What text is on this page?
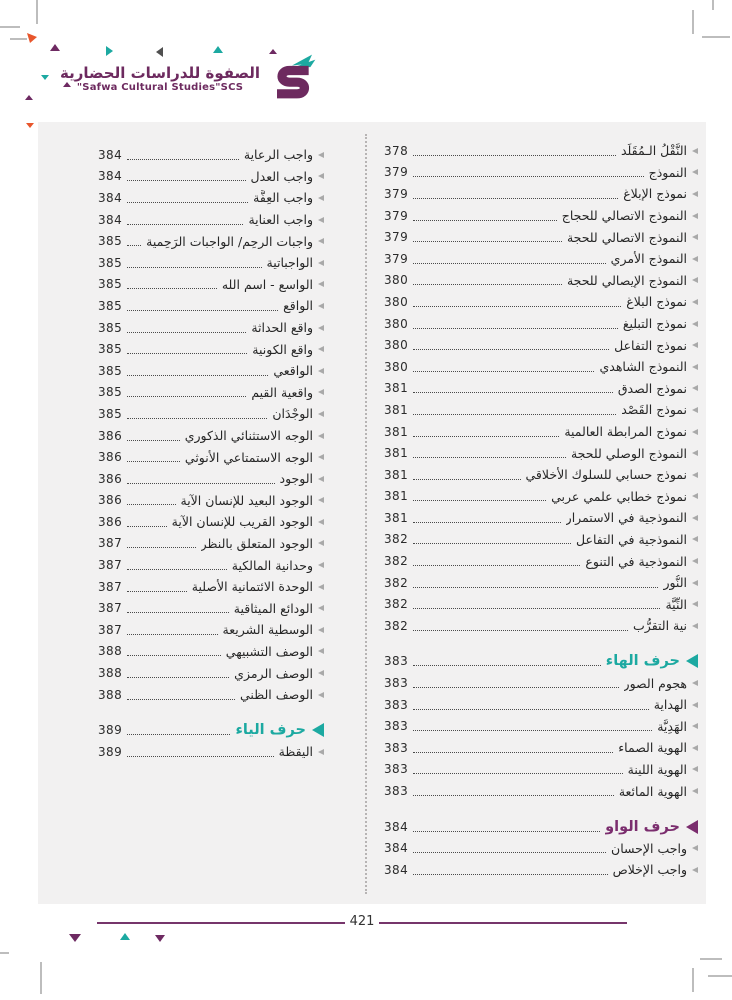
الصفوة للدراسات الحضارية
Safwa Cultural Studies"SCS"
النَّقْلُ الـمُقَلِّد
378
النموذج
379
نموذج الإبلاغ
379
النموذج الاتصالي للحجاج
379
النموذج الاتصالي للحجة
379
النموذج الأمري
379
النموذج الإيصالي للحجة
380
نموذج البلاغ
380
نموذج التبليغ
380
نموذج التفاعل
380
النموذج الشاهدي
380
نموذج الصدق
381
نموذج القَصْد
381
نموذج المرابطة العالمية
381
النموذج الوصلي للحجة
381
نموذج حسابي للسلوك الأخلاقي
381
نموذج خطابي علمي عربي
381
النموذجية في الاستمرار
381
النموذجية في التفاعل
382
النموذجية في التنوع
382
النُّور
382
النِّيَّة
382
نية التقرُّب
382
حرف الهاء
383
هجوم الصور
383
الهداية
383
الهَدِيَّة
383
الهوية الصماء
383
الهوية اللينة
383
الهوية المائعة
383
حرف الواو
384
واجب الإحسان
384
واجب الإخلاص
384
واجب الرعاية
384
واجب العدل
384
واجب العِفَّة
384
واجب العناية
384
واجبات الرحِم/ الواجبات الرَحِمية
385
الواجباتية
385
الواسع - اسم الله
385
الواقع
385
واقع الحداثة
385
واقع الكونية
385
الواقعي
385
واقعية القيم
385
الوِجْدَان
385
الوجه الاستثنائي الذكوري
386
الوجه الاستمتاعي الأُنوثي
386
الوجود
386
الوجود البعيد للإنسان الآية
386
الوجود القريب للإنسان الآية
386
الوجود المتعلق بالنظر
387
وحدانية المالكية
387
الوحدة الائتمانية الأصلية
387
الودائع الميثاقية
387
الوسطية الشريعة
387
الوصف التشبيهي
388
الوصف الرمزي
388
الوصف الظني
388
حرف الياء
389
اليقظة
389
421
